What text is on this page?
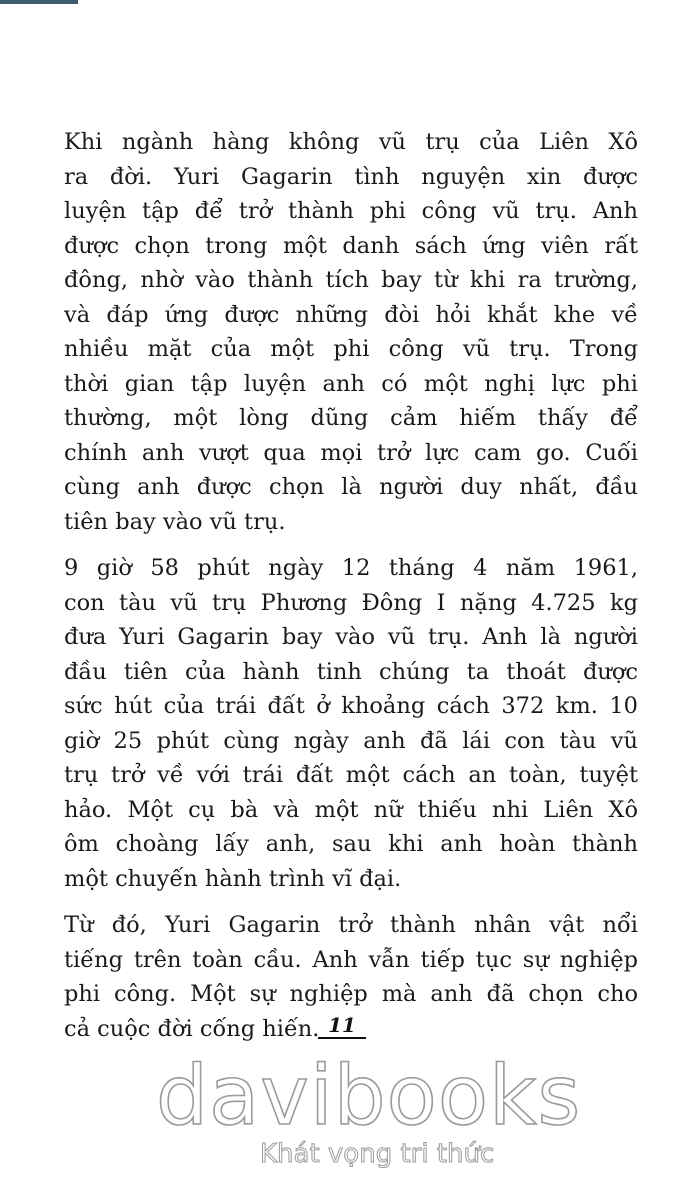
Khi ngành hàng không vũ trụ của Liên Xô
ra đời. Yuri Gagarin tình nguyện xin được
luyện tập để trở thành phi công vũ trụ. Anh
được chọn trong một danh sách ứng viên rất
đông, nhờ vào thành tích bay từ khi ra trường,
và đáp ứng được những đòi hỏi khắt khe về
nhiều mặt của một phi công vũ trụ. Trong
thời gian tập luyện anh có một nghị lực phi
thường, một lòng dũng cảm hiếm thấy để
chính anh vượt qua mọi trở lực cam go. Cuối
cùng anh được chọn là người duy nhất, đầu
tiên bay vào vũ trụ.

9 giờ 58 phút ngày 12 tháng 4 năm 1961,
con tàu vũ trụ Phương Đông I nặng 4.725 kg
đưa Yuri Gagarin bay vào vũ trụ. Anh là người
đầu tiên của hành tinh chúng ta thoát được
sức hút của trái đất ở khoảng cách 372 km. 10
giờ 25 phút cùng ngày anh đã lái con tàu vũ
trụ trở về với trái đất một cách an toàn, tuyệt
hảo. Một cụ bà và một nữ thiếu nhi Liên Xô
ôm choàng lấy anh, sau khi anh hoàn thành
một chuyến hành trình vĩ đại.

Từ đó, Yuri Gagarin trở thành nhân vật nổi
tiếng trên toàn cầu. Anh vẫn tiếp tục sự nghiệp
phi công. Một sự nghiệp mà anh đã chọn cho
cả cuộc đời cống hiến.

davibooks
Khát vọng tri thức
11
